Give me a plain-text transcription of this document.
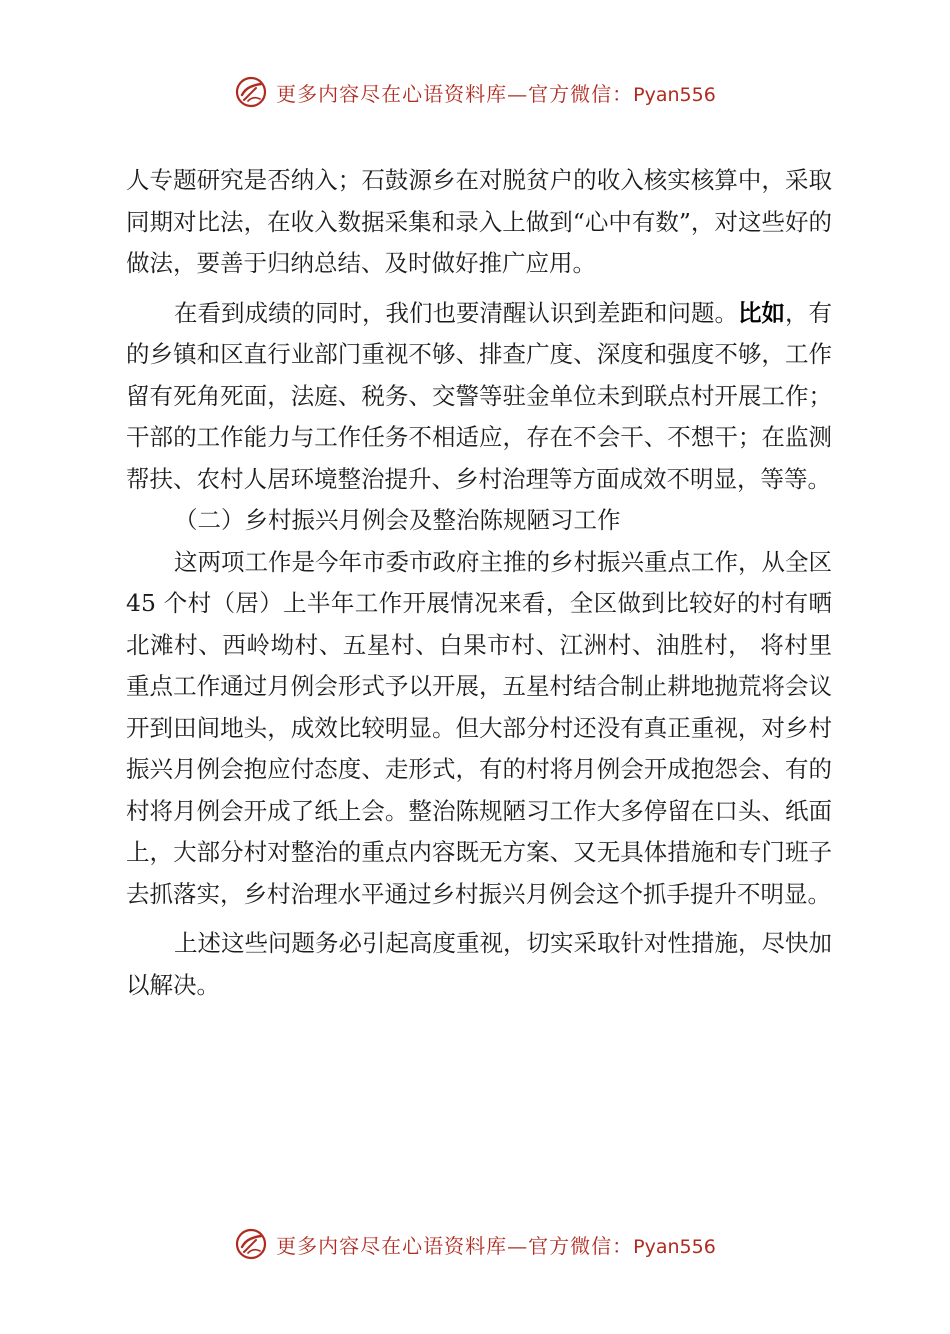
更多内容尽在心语资料库—官方微信：Pyan556

人专题研究是否纳入；石鼓源乡在对脱贫户的收入核实核算中，采取同期对比法，在收入数据采集和录入上做到“心中有数”，对这些好的做法，要善于归纳总结、及时做好推广应用。

在看到成绩的同时，我们也要清醒认识到差距和问题。比如，有的乡镇和区直行业部门重视不够、排查广度、深度和强度不够，工作留有死角死面，法庭、税务、交警等驻金单位未到联点村开展工作；干部的工作能力与工作任务不相适应，存在不会干、不想干；在监测帮扶、农村人居环境整治提升、乡村治理等方面成效不明显，等等。

（二）乡村振兴月例会及整治陈规陋习工作

这两项工作是今年市委市政府主推的乡村振兴重点工作，从全区 45 个村（居）上半年工作开展情况来看，全区做到比较好的村有晒北滩村、西岭坳村、五星村、白果市村、江洲村、油胜村， 将村里重点工作通过月例会形式予以开展，五星村结合制止耕地抛荒将会议开到田间地头，成效比较明显。但大部分村还没有真正重视，对乡村振兴月例会抱应付态度、走形式，有的村将月例会开成抱怨会、有的村将月例会开成了纸上会。整治陈规陋习工作大多停留在口头、纸面上，大部分村对整治的重点内容既无方案、又无具体措施和专门班子去抓落实，乡村治理水平通过乡村振兴月例会这个抓手提升不明显。

上述这些问题务必引起高度重视，切实采取针对性措施，尽快加以解决。

更多内容尽在心语资料库—官方微信：Pyan556
